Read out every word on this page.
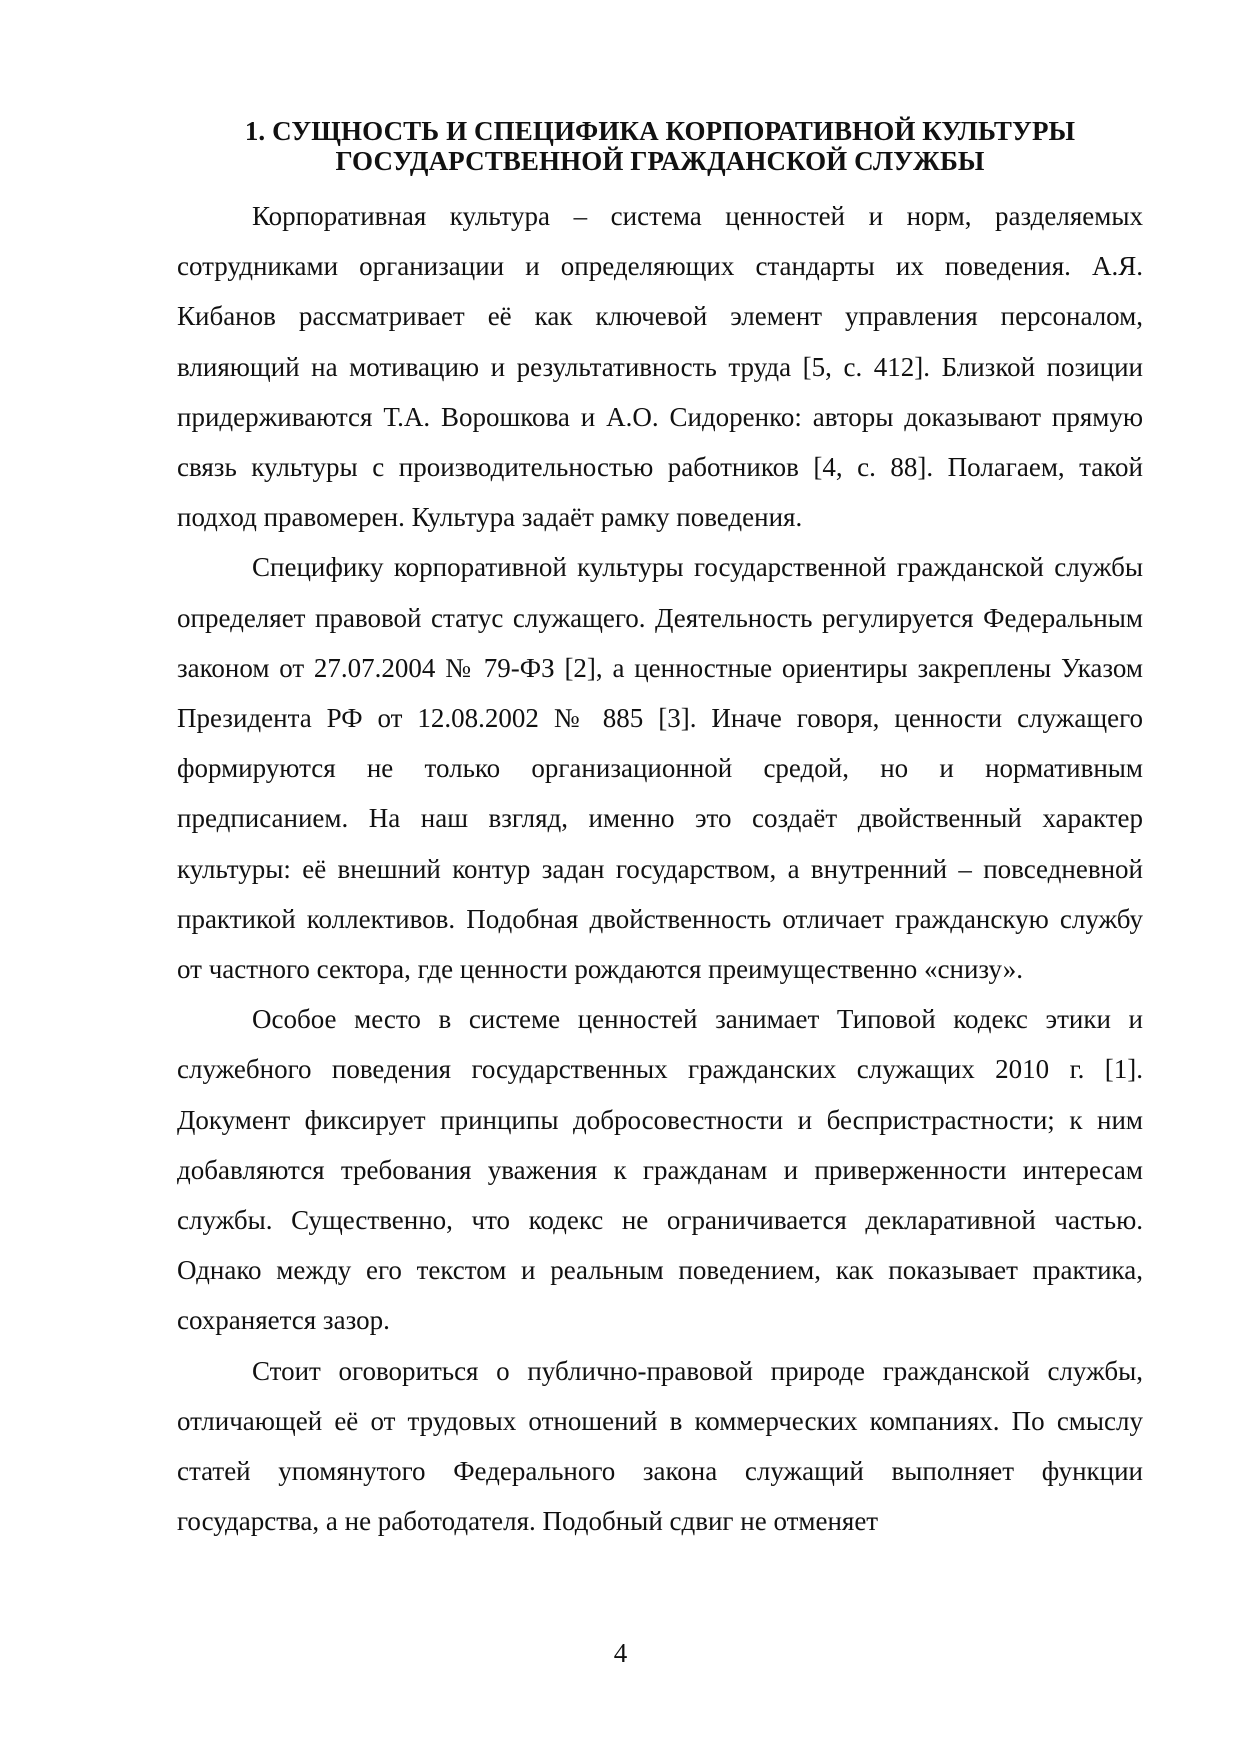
1. СУЩНОСТЬ И СПЕЦИФИКА КОРПОРАТИВНОЙ КУЛЬТУРЫ
ГОСУДАРСТВЕННОЙ ГРАЖДАНСКОЙ СЛУЖБЫ

Корпоративная культура – система ценностей и норм, разделяемых сотрудниками организации и определяющих стандарты их поведения. А.Я. Кибанов рассматривает её как ключевой элемент управления персоналом, влияющий на мотивацию и результативность труда [5, с. 412]. Близкой позиции придерживаются Т.А. Ворошкова и А.О. Сидоренко: авторы доказывают прямую связь культуры с производительностью работников [4, с. 88]. Полагаем, такой подход правомерен. Культура задаёт рамку поведения.

Специфику корпоративной культуры государственной гражданской службы определяет правовой статус служащего. Деятельность регулируется Федеральным законом от 27.07.2004 № 79-ФЗ [2], а ценностные ориентиры закреплены Указом Президента РФ от 12.08.2002 № 885 [3]. Иначе говоря, ценности служащего формируются не только организационной средой, но и нормативным предписанием. На наш взгляд, именно это создаёт двойственный характер культуры: её внешний контур задан государством, а внутренний – повседневной практикой коллективов. Подобная двойственность отличает гражданскую службу от частного сектора, где ценности рождаются преимущественно «снизу».

Особое место в системе ценностей занимает Типовой кодекс этики и служебного поведения государственных гражданских служащих 2010 г. [1]. Документ фиксирует принципы добросовестности и беспристрастности; к ним добавляются требования уважения к гражданам и приверженности интересам службы. Существенно, что кодекс не ограничивается декларативной частью. Однако между его текстом и реальным поведением, как показывает практика, сохраняется зазор.

Стоит оговориться о публично-правовой природе гражданской службы, отличающей её от трудовых отношений в коммерческих компаниях. По смыслу статей упомянутого Федерального закона служащий выполняет функции государства, а не работодателя. Подобный сдвиг не отменяет

4
